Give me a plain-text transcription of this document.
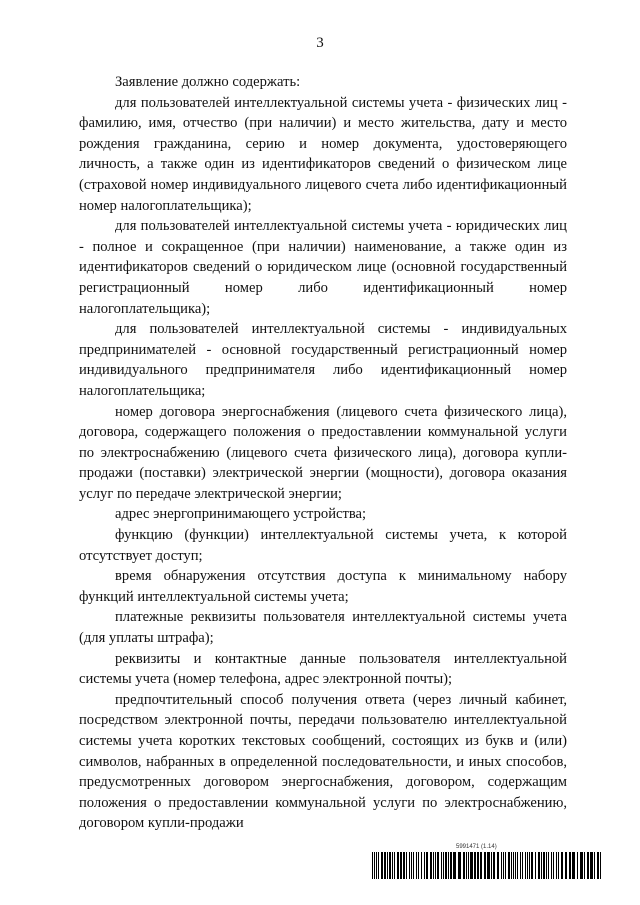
3

Заявление должно содержать:

для пользователей интеллектуальной системы учета - физических лиц - фамилию, имя, отчество (при наличии) и место жительства, дату и место рождения гражданина, серию и номер документа, удостоверяющего личность, а также один из идентификаторов сведений о физическом лице (страховой номер индивидуального лицевого счета либо идентификационный номер налогоплательщика);

для пользователей интеллектуальной системы учета - юридических лиц - полное и сокращенное (при наличии) наименование, а также один из идентификаторов сведений о юридическом лице (основной государственный регистрационный номер либо идентификационный номер налогоплательщика);

для пользователей интеллектуальной системы - индивидуальных предпринимателей - основной государственный регистрационный номер индивидуального предпринимателя либо идентификационный номер налогоплательщика;

номер договора энергоснабжения (лицевого счета физического лица), договора, содержащего положения о предоставлении коммунальной услуги по электроснабжению (лицевого счета физического лица), договора купли-продажи (поставки) электрической энергии (мощности), договора оказания услуг по передаче электрической энергии;

адрес энергопринимающего устройства;

функцию (функции) интеллектуальной системы учета, к которой отсутствует доступ;

время обнаружения отсутствия доступа к минимальному набору функций интеллектуальной системы учета;

платежные реквизиты пользователя интеллектуальной системы учета (для уплаты штрафа);

реквизиты и контактные данные пользователя интеллектуальной системы учета (номер телефона, адрес электронной почты);

предпочтительный способ получения ответа (через личный кабинет, посредством электронной почты, передачи пользователю интеллектуальной системы учета коротких текстовых сообщений, состоящих из букв и (или) символов, набранных в определенной последовательности, и иных способов, предусмотренных договором энергоснабжения, договором, содержащим положения о предоставлении коммунальной услуги по электроснабжению, договором купли-продажи

5991471 (1.14)
